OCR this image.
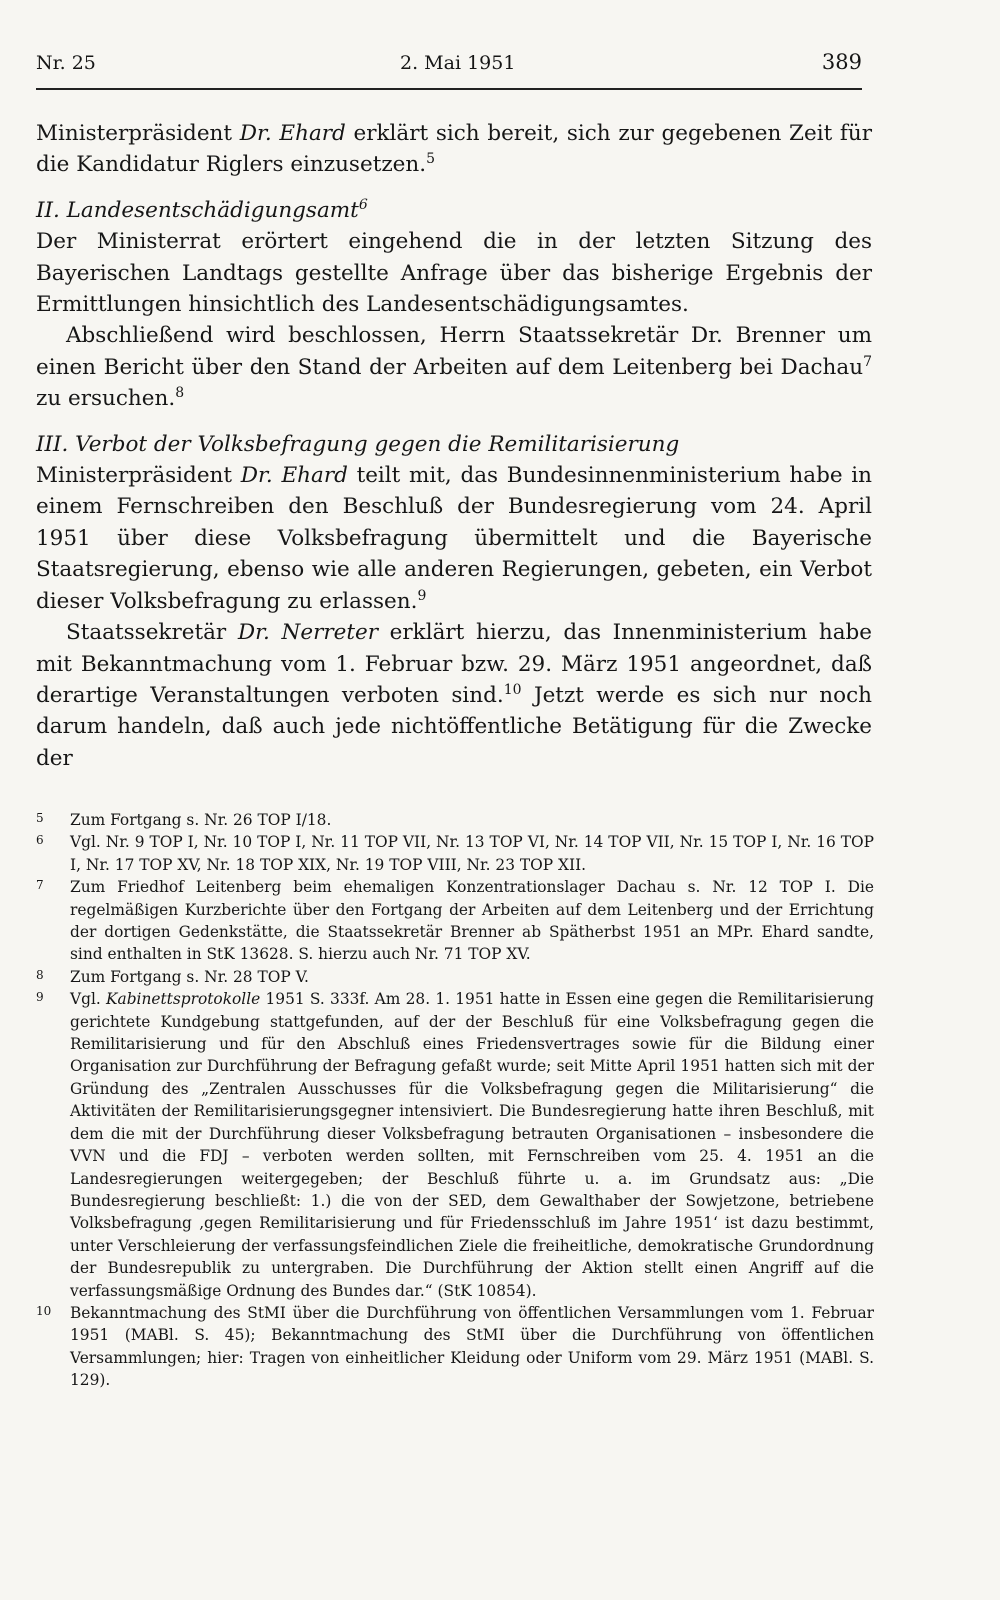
Nr. 25	2. Mai 1951	389

Ministerpräsident Dr. Ehard erklärt sich bereit, sich zur gegebenen Zeit für die Kandidatur Riglers einzusetzen.$^5$

II. Landesentschädigungsamt$^6$

Der Ministerrat erörtert eingehend die in der letzten Sitzung des Bayerischen Landtags gestellte Anfrage über das bisherige Ergebnis der Ermittlungen hinsichtlich des Landesentschädigungsamtes.

Abschließend wird beschlossen, Herrn Staatssekretär Dr. Brenner um einen Bericht über den Stand der Arbeiten auf dem Leitenberg bei Dachau$^7$ zu ersuchen.$^8$

III. Verbot der Volksbefragung gegen die Remilitarisierung

Ministerpräsident Dr. Ehard teilt mit, das Bundesinnenministerium habe in einem Fernschreiben den Beschluß der Bundesregierung vom 24. April 1951 über diese Volksbefragung übermittelt und die Bayerische Staatsregierung, ebenso wie alle anderen Regierungen, gebeten, ein Verbot dieser Volksbefragung zu erlassen.$^9$

Staatssekretär Dr. Nerreter erklärt hierzu, das Innenministerium habe mit Bekanntmachung vom 1. Februar bzw. 29. März 1951 angeordnet, daß derartige Veranstaltungen verboten sind.$^{10}$ Jetzt werde es sich nur noch darum handeln, daß auch jede nichtöffentliche Betätigung für die Zwecke der

5 Zum Fortgang s. Nr. 26 TOP I/18.
6 Vgl. Nr. 9 TOP I, Nr. 10 TOP I, Nr. 11 TOP VII, Nr. 13 TOP VI, Nr. 14 TOP VII, Nr. 15 TOP I, Nr. 16 TOP I, Nr. 17 TOP XV, Nr. 18 TOP XIX, Nr. 19 TOP VIII, Nr. 23 TOP XII.
7 Zum Friedhof Leitenberg beim ehemaligen Konzentrationslager Dachau s. Nr. 12 TOP I. Die regelmäßigen Kurzberichte über den Fortgang der Arbeiten auf dem Leitenberg und der Errichtung der dortigen Gedenkstätte, die Staatssekretär Brenner ab Spätherbst 1951 an MPr. Ehard sandte, sind enthalten in StK 13628. S. hierzu auch Nr. 71 TOP XV.
8 Zum Fortgang s. Nr. 28 TOP V.
9 Vgl. Kabinettsprotokolle 1951 S. 333f. Am 28. 1. 1951 hatte in Essen eine gegen die Remilitarisierung gerichtete Kundgebung stattgefunden, auf der der Beschluß für eine Volksbefragung gegen die Remilitarisierung und für den Abschluß eines Friedensvertrages sowie für die Bildung einer Organisation zur Durchführung der Befragung gefaßt wurde; seit Mitte April 1951 hatten sich mit der Gründung des „Zentralen Ausschusses für die Volksbefragung gegen die Militarisierung“ die Aktivitäten der Remilitarisierungsgegner intensiviert. Die Bundesregierung hatte ihren Beschluß, mit dem die mit der Durchführung dieser Volksbefragung betrauten Organisationen – insbesondere die VVN und die FDJ – verboten werden sollten, mit Fernschreiben vom 25. 4. 1951 an die Landesregierungen weitergegeben; der Beschluß führte u. a. im Grundsatz aus: „Die Bundesregierung beschließt: 1.) die von der SED, dem Gewalthaber der Sowjetzone, betriebene Volksbefragung ‚gegen Remilitarisierung und für Friedensschluß im Jahre 1951‘ ist dazu bestimmt, unter Verschleierung der verfassungsfeindlichen Ziele die freiheitliche, demokratische Grundordnung der Bundesrepublik zu untergraben. Die Durchführung der Aktion stellt einen Angriff auf die verfassungsmäßige Ordnung des Bundes dar.“ (StK 10854).
10 Bekanntmachung des StMI über die Durchführung von öffentlichen Versammlungen vom 1. Februar 1951 (MABl. S. 45); Bekanntmachung des StMI über die Durchführung von öffentlichen Versammlungen; hier: Tragen von einheitlicher Kleidung oder Uniform vom 29. März 1951 (MABl. S. 129).
